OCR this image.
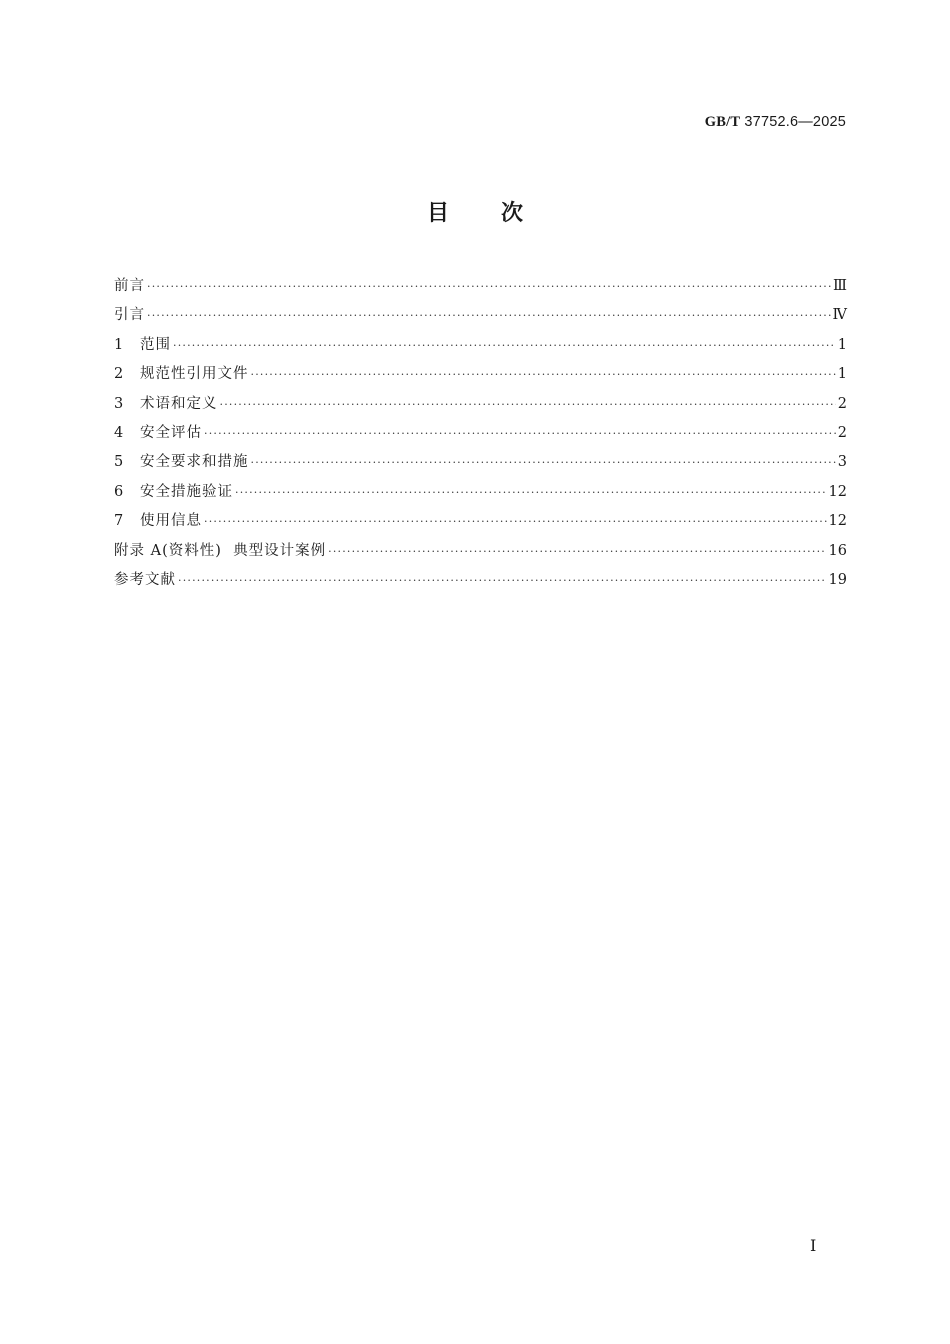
GB/T 37752.6—2025
目次
前言 ·····	Ⅲ
引言 ·····	Ⅳ
1	范围 ·····	1
2	规范性引用文件 ·····	1
3	术语和定义 ·····	2
4	安全评估 ·····	2
5	安全要求和措施 ·····	3
6	安全措施验证 ·····	12
7	使用信息 ·····	12
附录 A(资料性)  典型设计案例 ·····	16
参考文献 ·····	19
Ⅰ
